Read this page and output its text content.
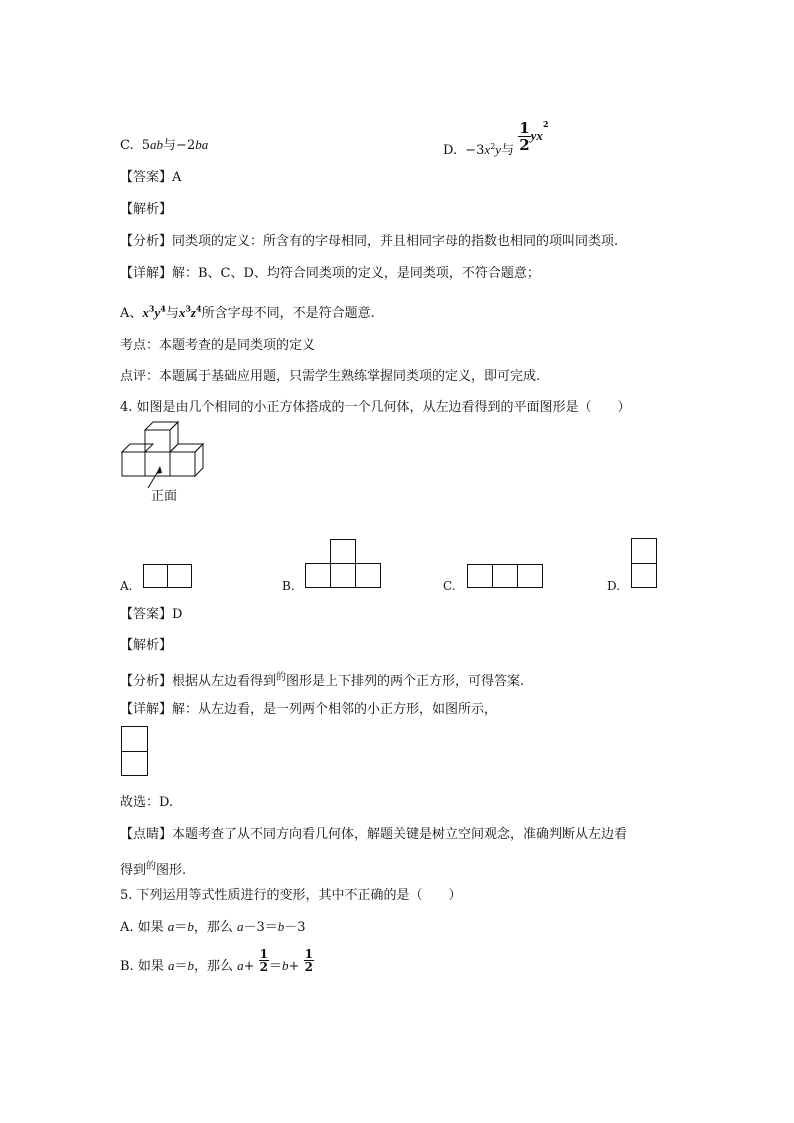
C. 5ab与−2ba	D. $-3x_2y$与 $\frac{1}{2} yx^2$
【答案】A
【解析】
【分析】同类项的定义：所含有的字母相同，并且相同字母的指数也相同的项叫同类项.
【详解】解：B、C、D、均符合同类项的定义，是同类项，不符合题意；
A、$x^3y^4$与$x^3z^4$所含字母不同，不是符合题意.
考点：本题考查的是同类项的定义
点评：本题属于基础应用题，只需学生熟练掌握同类项的定义，即可完成.
4. 如图是由几个相同的小正方体搭成的一个几何体，从左边看得到的平面图形是（　　）
正面
A.	B.	C.	D.
【答案】D
【解析】
【分析】根据从左边看得到$^的$图形是上下排列的两个正方形，可得答案.
【详解】解：从左边看，是一列两个相邻的小正方形，如图所示，
故选：D.
【点睛】本题考查了从不同方向看几何体，解题关键是树立空间观念，准确判断从左边看
得到$^的$图形.
5. 下列运用等式性质进行的变形，其中不正确的是（　　）
A. 如果 a＝b，那么 a－3＝b－3
B. 如果 a＝b，那么 $a+ \frac{1}{2} =b+ \frac{1}{2}$
